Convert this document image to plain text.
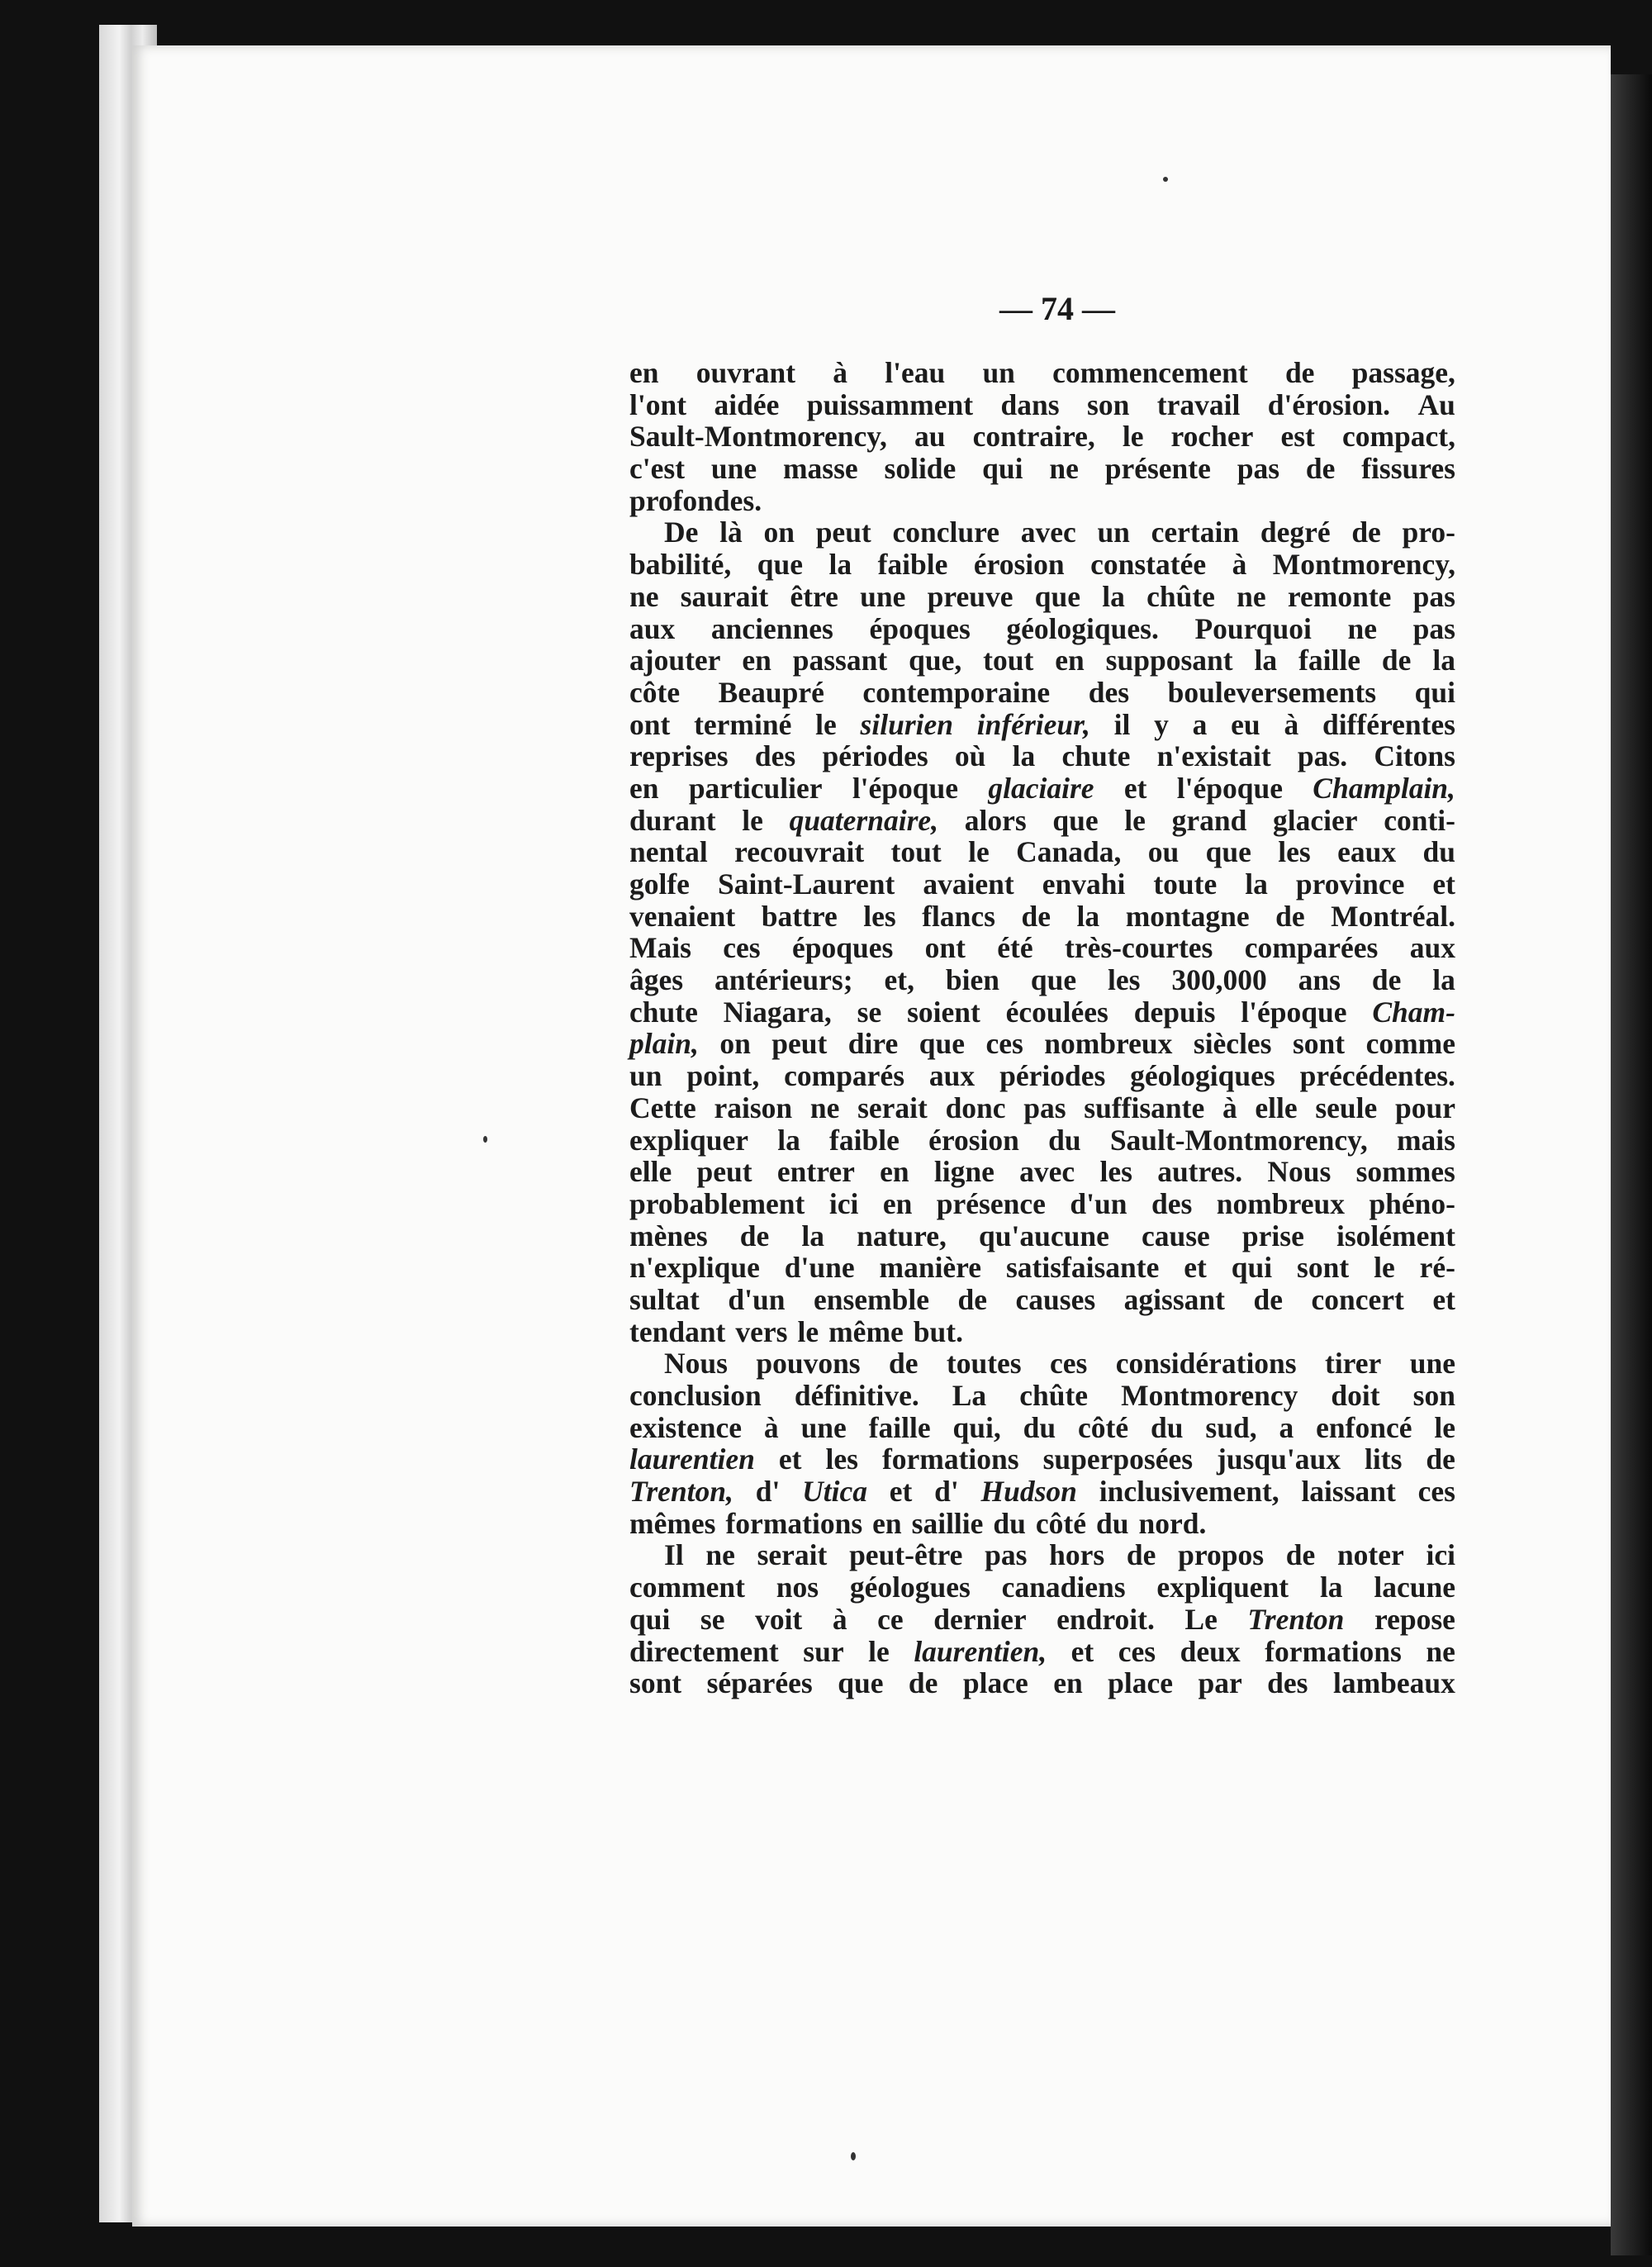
— 74 —
en ouvrant à l'eau un commencement de passage,
l'ont aidée puissamment dans son travail d'érosion. Au
Sault-Montmorency, au contraire, le rocher est compact,
c'est une masse solide qui ne présente pas de fissures
profondes.
De là on peut conclure avec un certain degré de pro-
babilité, que la faible érosion constatée à Montmorency,
ne saurait être une preuve que la chûte ne remonte pas
aux anciennes époques géologiques. Pourquoi ne pas
ajouter en passant que, tout en supposant la faille de la
côte Beaupré contemporaine des bouleversements qui
ont terminé le silurien inférieur, il y a eu à différentes
reprises des périodes où la chute n'existait pas. Citons
en particulier l'époque glaciaire et l'époque Champlain,
durant le quaternaire, alors que le grand glacier conti-
nental recouvrait tout le Canada, ou que les eaux du
golfe Saint-Laurent avaient envahi toute la province et
venaient battre les flancs de la montagne de Montréal.
Mais ces époques ont été très-courtes comparées aux
âges antérieurs; et, bien que les 300,000 ans de la
chute Niagara, se soient écoulées depuis l'époque Cham-
plain, on peut dire que ces nombreux siècles sont comme
un point, comparés aux périodes géologiques précédentes.
Cette raison ne serait donc pas suffisante à elle seule pour
expliquer la faible érosion du Sault-Montmorency, mais
elle peut entrer en ligne avec les autres. Nous sommes
probablement ici en présence d'un des nombreux phéno-
mènes de la nature, qu'aucune cause prise isolément
n'explique d'une manière satisfaisante et qui sont le ré-
sultat d'un ensemble de causes agissant de concert et
tendant vers le même but.
Nous pouvons de toutes ces considérations tirer une
conclusion définitive. La chûte Montmorency doit son
existence à une faille qui, du côté du sud, a enfoncé le
laurentien et les formations superposées jusqu'aux lits de
Trenton, d' Utica et d' Hudson inclusivement, laissant ces
mêmes formations en saillie du côté du nord.
Il ne serait peut-être pas hors de propos de noter ici
comment nos géologues canadiens expliquent la lacune
qui se voit à ce dernier endroit. Le Trenton repose
directement sur le laurentien, et ces deux formations ne
sont séparées que de place en place par des lambeaux
